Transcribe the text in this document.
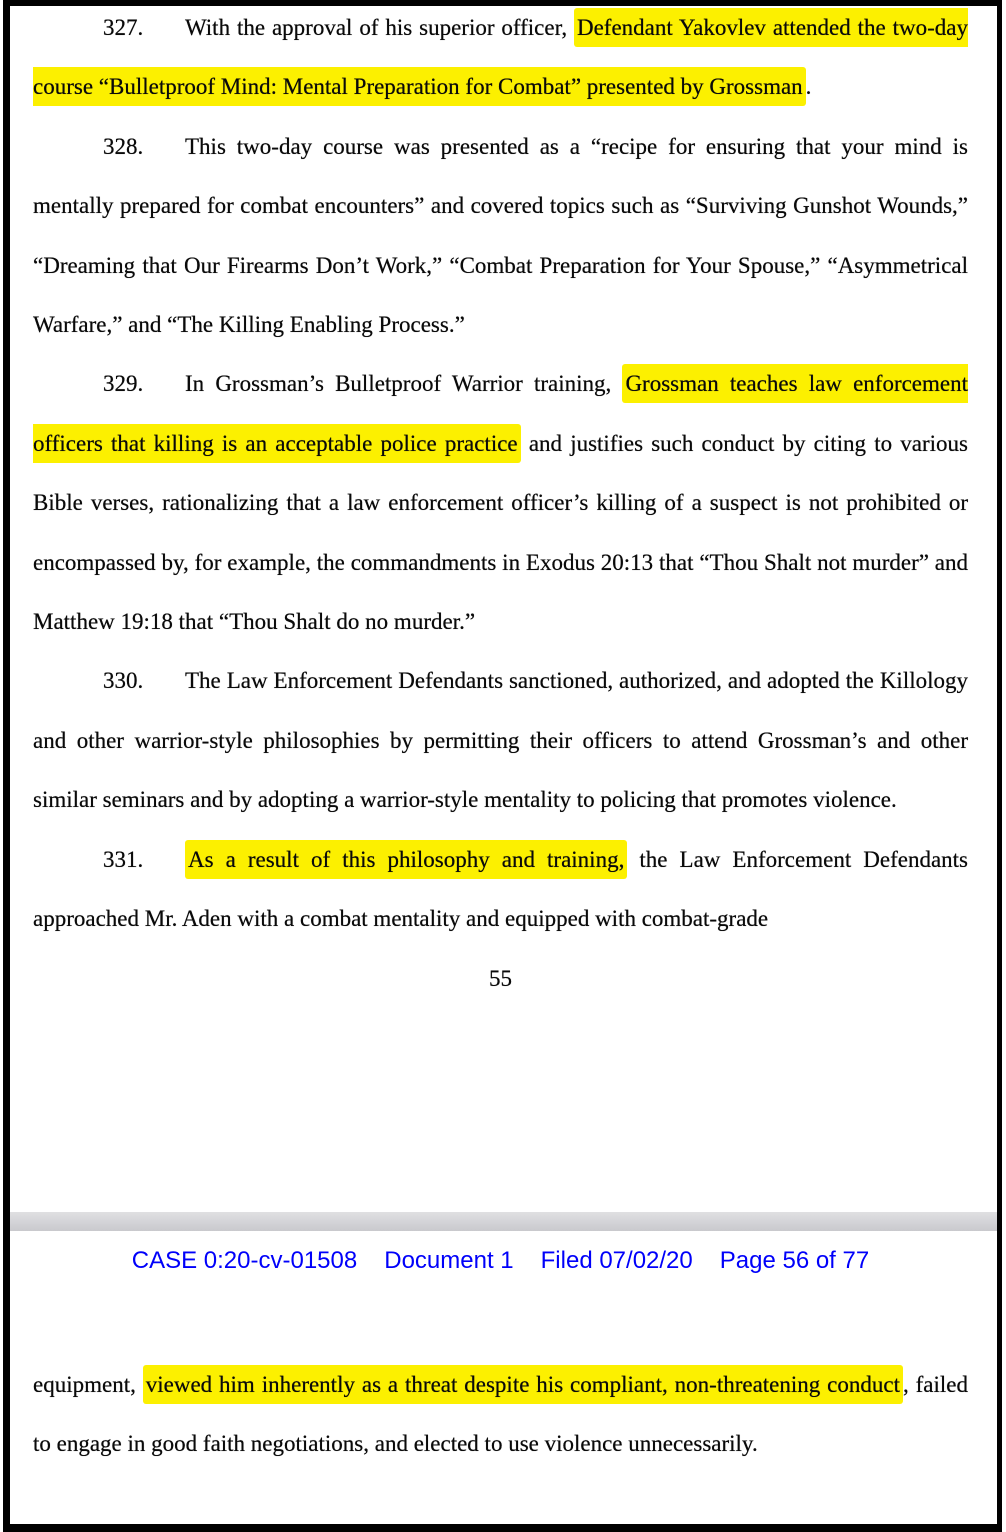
327. With the approval of his superior officer, Defendant Yakovlev attended the two-day course “Bulletproof Mind: Mental Preparation for Combat” presented by Grossman .

328. This two-day course was presented as a “recipe for ensuring that your mind is mentally prepared for combat encounters” and covered topics such as “Surviving Gunshot Wounds,” “Dreaming that Our Firearms Don’t Work,” “Combat Preparation for Your Spouse,” “Asymmetrical Warfare,” and “The Killing Enabling Process.”

329. In Grossman’s Bulletproof Warrior training, Grossman teaches law enforcement officers that killing is an acceptable police practice and justifies such conduct by citing to various Bible verses, rationalizing that a law enforcement officer’s killing of a suspect is not prohibited or encompassed by, for example, the commandments in Exodus 20:13 that “Thou Shalt not murder” and Matthew 19:18 that “Thou Shalt do no murder.”

330. The Law Enforcement Defendants sanctioned, authorized, and adopted the Killology and other warrior-style philosophies by permitting their officers to attend Grossman’s and other similar seminars and by adopting a warrior-style mentality to policing that promotes violence.

331. As a result of this philosophy and training, the Law Enforcement Defendants approached Mr. Aden with a combat mentality and equipped with combat-grade

55
CASE 0:20-cv-01508 Document 1 Filed 07/02/20 Page 56 of 77

equipment, viewed him inherently as a threat despite his compliant, non-threatening conduct , failed to engage in good faith negotiations, and elected to use violence unnecessarily.
